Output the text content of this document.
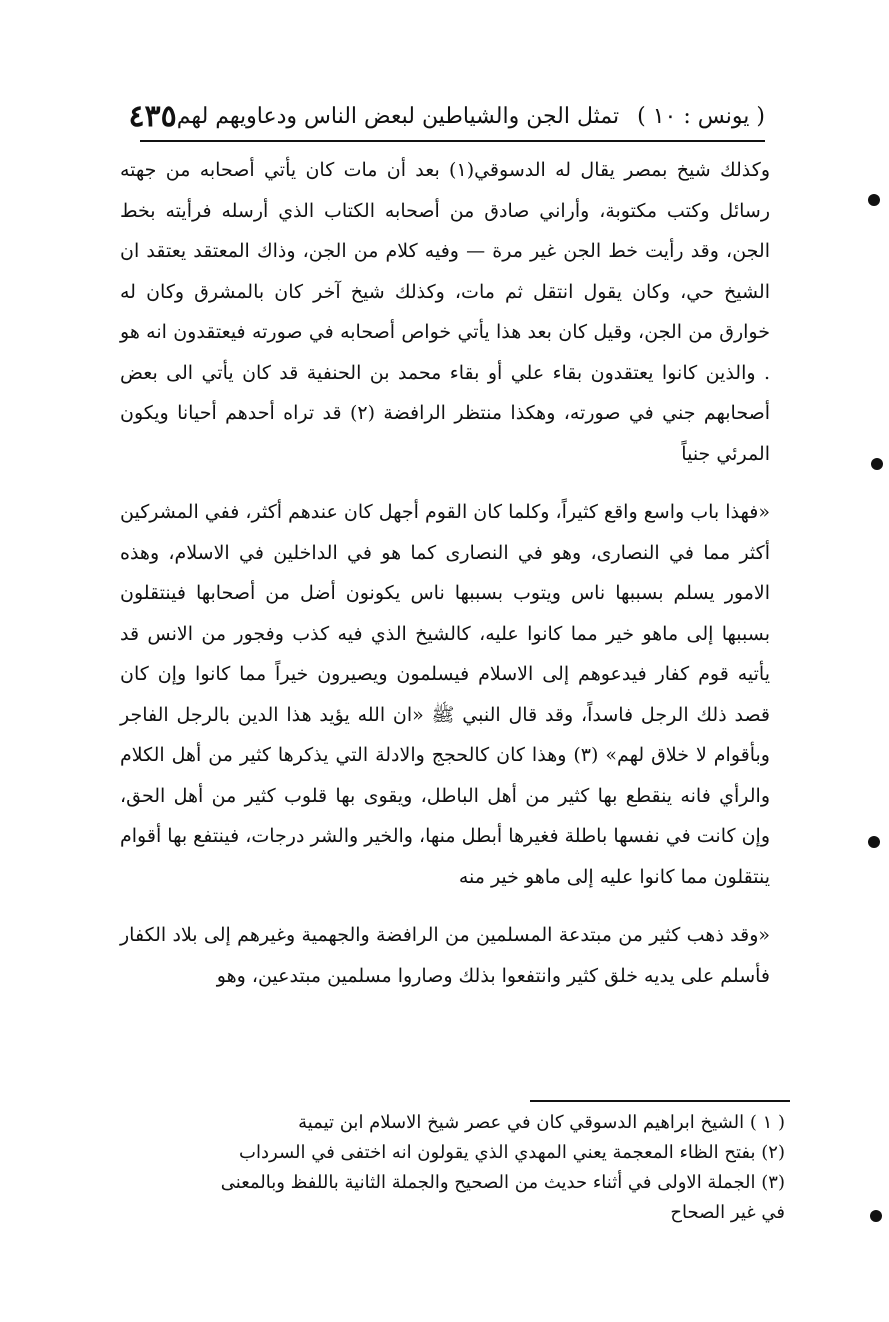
( يونس : ١٠ )
تمثل الجن والشياطين لبعض الناس ودعاويهم لهم
٤٣٥

وكذلك شيخ بمصر يقال له الدسوقي(١) بعد أن مات كان يأتي أصحابه من جهته رسائل وكتب مكتوبة، وأراني صادق من أصحابه الكتاب الذي أرسله فرأيته بخط الجن، وقد رأيت خط الجن غير مرة — وفيه كلام من الجن، وذاك المعتقد يعتقد ان الشيخ حي، وكان يقول انتقل ثم مات، وكذلك شيخ آخر كان بالمشرق وكان له خوارق من الجن، وقيل كان بعد هذا يأتي خواص أصحابه في صورته فيعتقدون انه هو . والذين كانوا يعتقدون بقاء علي أو بقاء محمد بن الحنفية قد كان يأتي الى بعض أصحابهم جني في صورته، وهكذا منتظر الرافضة (٢) قد تراه أحدهم أحيانا ويكون المرئي جنياً

«فهذا باب واسع واقع كثيراً، وكلما كان القوم أجهل كان عندهم أكثر، ففي المشركين أكثر مما في النصارى، وهو في النصارى كما هو في الداخلين في الاسلام، وهذه الامور يسلم بسببها ناس ويتوب بسببها ناس يكونون أضل من أصحابها فينتقلون بسببها إلى ماهو خير مما كانوا عليه، كالشيخ الذي فيه كذب وفجور من الانس قد يأتيه قوم كفار فيدعوهم إلى الاسلام فيسلمون ويصيرون خيراً مما كانوا وإن كان قصد ذلك الرجل فاسداً، وقد قال النبي ﷺ «ان الله يؤيد هذا الدين بالرجل الفاجر وبأقوام لا خلاق لهم» (٣) وهذا كان كالحجج والادلة التي يذكرها كثير من أهل الكلام والرأي فانه ينقطع بها كثير من أهل الباطل، ويقوى بها قلوب كثير من أهل الحق، وإن كانت في نفسها باطلة فغيرها أبطل منها، والخير والشر درجات، فينتفع بها أقوام ينتقلون مما كانوا عليه إلى ماهو خير منه

«وقد ذهب كثير من مبتدعة المسلمين من الرافضة والجهمية وغيرهم إلى بلاد الكفار فأسلم على يديه خلق كثير وانتفعوا بذلك وصاروا مسلمين مبتدعين، وهو

( ١ ) الشيخ ابراهيم الدسوقي كان في عصر شيخ الاسلام ابن تيمية
(٢) بفتح الظاء المعجمة يعني المهدي الذي يقولون انه اختفى في السرداب
(٣) الجملة الاولى في أثناء حديث من الصحيح والجملة الثانية باللفظ وبالمعنى
في غير الصحاح
